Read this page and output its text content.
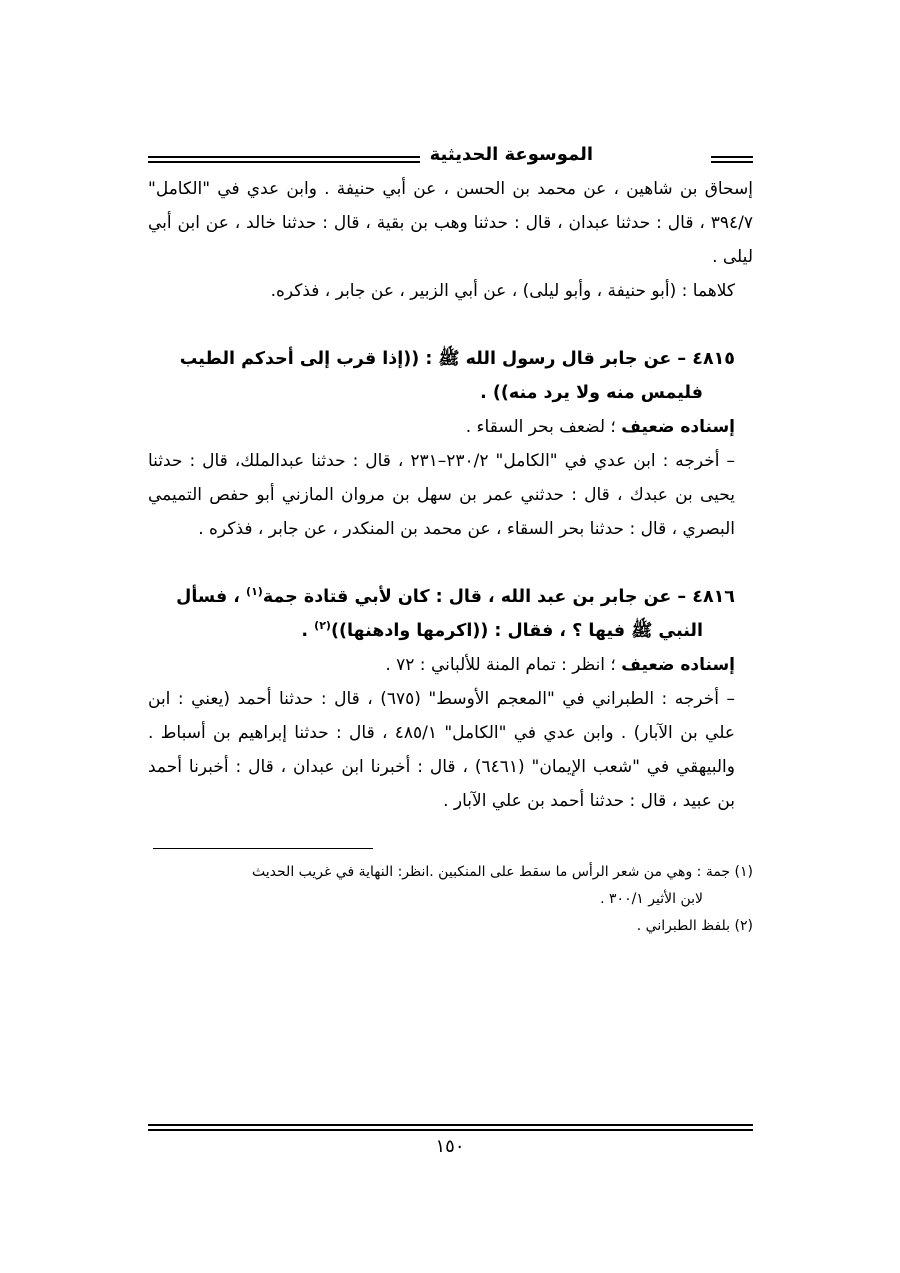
الموسوعة الحديثية

إسحاق بن شاهين ، عن محمد بن الحسن ، عن أبي حنيفة . وابن عدي في "الكامل" ٣٩٤/٧ ، قال : حدثنا عبدان ، قال : حدثنا وهب بن بقية ، قال : حدثنا خالد ، عن ابن أبي ليلى .

كلاهما : (أبو حنيفة ، وأبو ليلى) ، عن أبي الزبير ، عن جابر ، فذكره.

٤٨١٥ – عن جابر قال رسول الله ﷺ : ((إذا قرب إلى أحدكم الطيب

فليمس منه ولا يرد منه)) .

إسناده ضعيف ؛ لضعف بحر السقاء .

– أخرجه : ابن عدي في "الكامل" ٢٣٠/٢–٢٣١ ، قال : حدثنا عبدالملك، قال : حدثنا يحيى بن عبدك ، قال : حدثني عمر بن سهل بن مروان المازني أبو حفص التميمي البصري ، قال : حدثنا بحر السقاء ، عن محمد بن المنكدر ، عن جابر ، فذكره .

٤٨١٦ – عن جابر بن عبد الله ، قال : كان لأبي قتادة جمة$^{(١)}$ ، فسأل

النبي ﷺ فيها ؟ ، فقال : ((اكرمها وادهنها))$^{(٢)}$ .

إسناده ضعيف ؛ انظر : تمام المنة للألباني : ٧٢ .

– أخرجه : الطبراني في "المعجم الأوسط" (٦٧٥) ، قال : حدثنا أحمد (يعني : ابن علي بن الآبار) . وابن عدي في "الكامل" ٤٨٥/١ ، قال : حدثنا إبراهيم بن أسباط . والبيهقي في "شعب الإيمان" (٦٤٦١) ، قال : أخبرنا ابن عبدان ، قال : أخبرنا أحمد بن عبيد ، قال : حدثنا أحمد بن علي الآبار .

(١) جمة : وهي من شعر الرأس ما سقط على المنكبين .انظر: النهاية في غريب الحديث

لابن الأثير ٣٠٠/١ .

(٢) بلفظ الطبراني .

١٥٠
